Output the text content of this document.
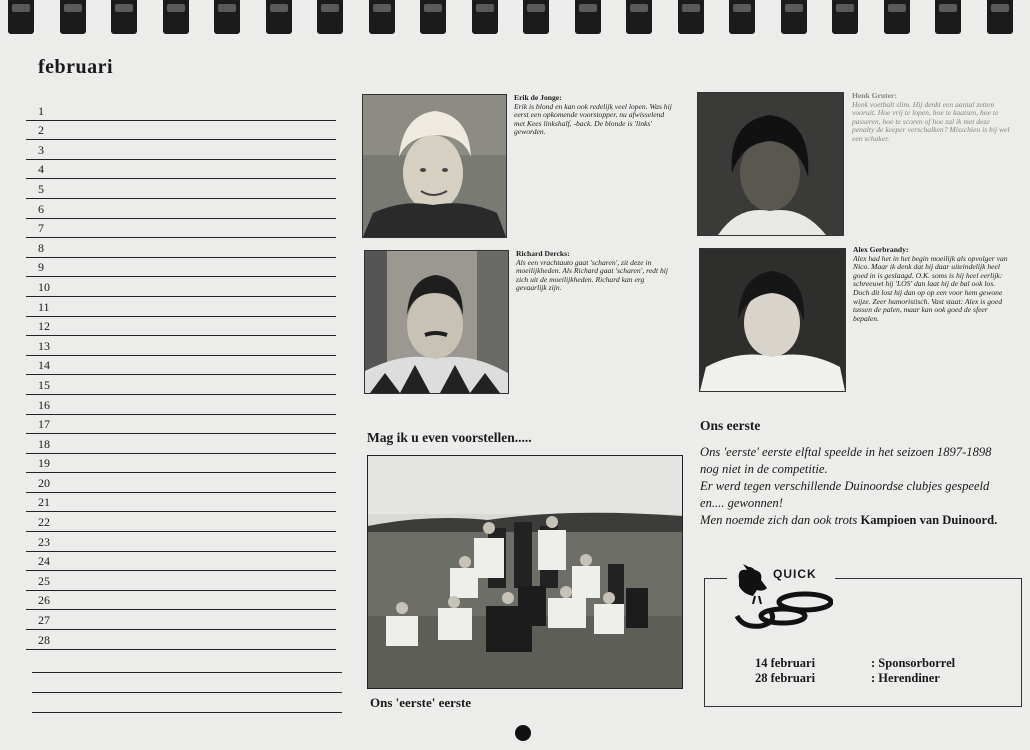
februari
1
2
3
4
5
6
7
8
9
10
11
12
13
14
15
16
17
18
19
20
21
22
23
24
25
26
27
28
Erik de Jonge:
Erik is blond en kan ook redelijk veel lopen. Was hij eerst een opkomende voorstopper, nu afwisselend met Kees linkshalf, -back. De blonde is 'links' geworden.
Richard Dercks:
Als een vrachtauto gaat 'scharen', zit deze in moeilijkheden. Als Richard gaat 'scharen', redt hij zich uit de moeilijkheden. Richard kan erg gevaarlijk zijn.
Henk Gruter:
Henk voetbalt slim. Hij denkt een aantal zetten vooruit. Hoe vrij te lopen, hoe te kaatsen, hoe te passeren, hoe te scoren of hoe zal ik met deze penalty de keeper verschalken? Misschien is hij wel een schaker.
Alex Gerbrandy:
Alex had het in het begin moeilijk als opvolger van Nico. Maar ik denk dat hij daar uiteindelijk heel goed in is geslaagd. O.K. soms is hij heel eerlijk: schreeuwt hij 'LOS' dan laat hij de bal ook los. Doch dit lost hij dan op op een voor hem gewone wijze. Zeer humoristisch. Vast staat: Alex is goed tussen de palen, maar kan ook goed de sfeer bepalen.
Mag ik u even voorstellen.....
Ons 'eerste' eerste
Ons eerste
Ons 'eerste' eerste elftal speelde in het seizoen 1897-1898
nog niet in de competitie.
Er werd tegen verschillende Duinoordse clubjes gespeeld
en.... gewonnen!
Men noemde zich dan ook trots Kampioen van Duinoord.
14 februari	: Sponsorborrel
28 februari	: Herendiner
QUICK
